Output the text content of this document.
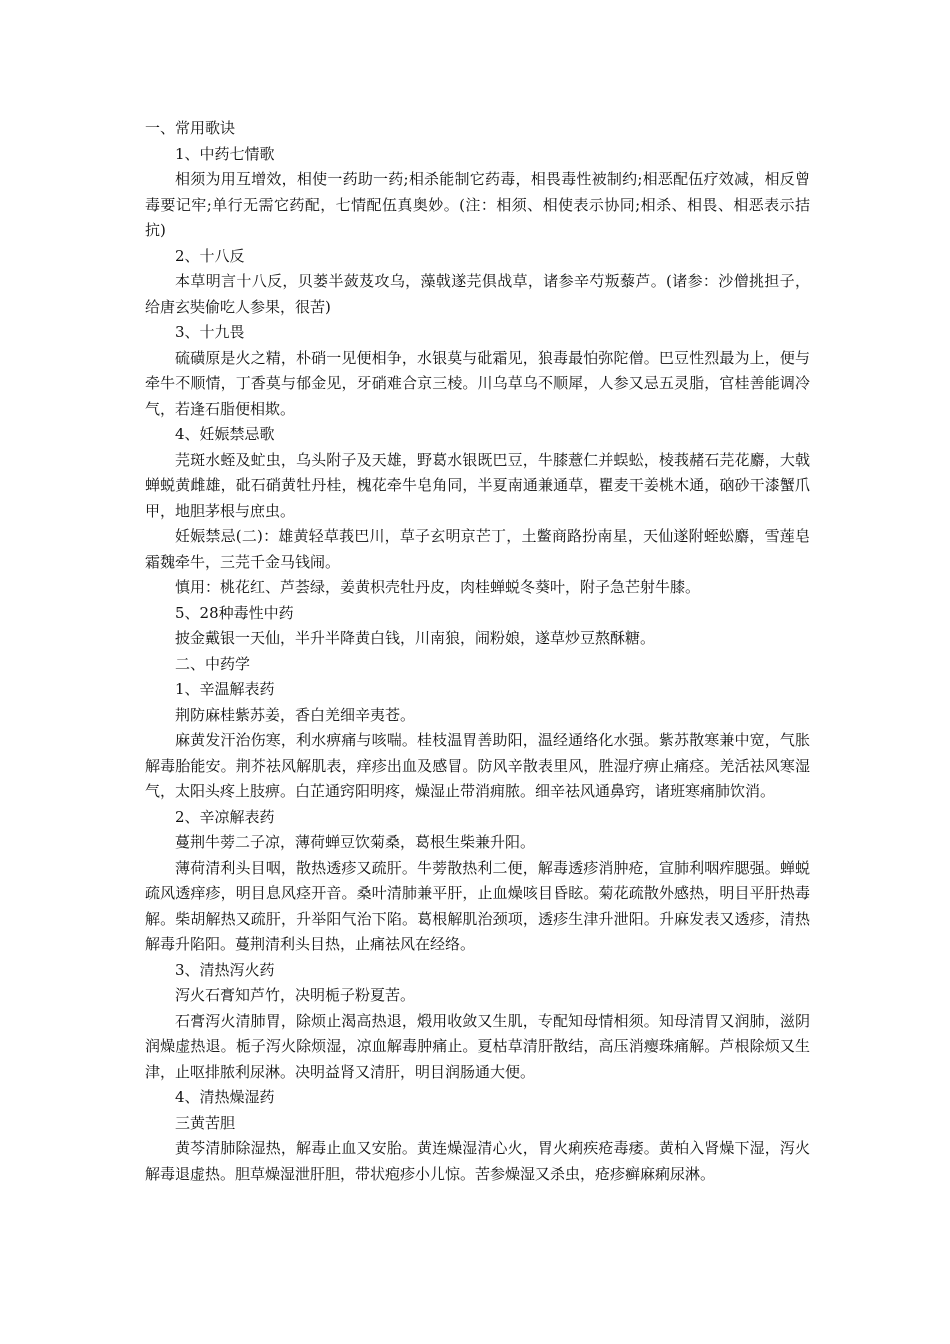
一、常用歌诀

1、中药七情歌

相须为用互增效，相使一药助一药;相杀能制它药毒，相畏毒性被制约;相恶配伍疗效减，相反曾毒要记牢;单行无需它药配，七情配伍真奥妙。(注：相须、相使表示协同;相杀、相畏、相恶表示拮抗)

2、十八反

本草明言十八反，贝蒌半蔹芨攻乌，藻戟遂芫俱战草，诸参辛芍叛藜芦。(诸参：沙僧挑担子，给唐玄奘偷吃人参果，很苦)

3、十九畏

硫磺原是火之精，朴硝一见便相争，水银莫与砒霜见，狼毒最怕弥陀僧。巴豆性烈最为上，便与牵牛不顺情，丁香莫与郁金见，牙硝难合京三棱。川乌草乌不顺犀，人参又忌五灵脂，官桂善能调冷气，若逢石脂便相欺。

4、妊娠禁忌歌

芫斑水蛭及虻虫，乌头附子及天雄，野葛水银既巴豆，牛膝薏仁并蜈蚣，棱莪赭石芫花麝，大戟蝉蜕黄雌雄，砒石硝黄牡丹桂，槐花牵牛皂角同，半夏南通兼通草，瞿麦干姜桃木通，硇砂干漆蟹爪甲，地胆茅根与庶虫。

妊娠禁忌(二)：雄黄轻草莪巴川，草子玄明京芒丁，土鳖商路扮南星，天仙遂附蛭蚣麝，雪莲皂霜魏牵牛，三芫千金马钱闹。

慎用：桃花红、芦荟绿，姜黄枳壳牡丹皮，肉桂蝉蜕冬葵叶，附子急芒射牛膝。

5、28种毒性中药

披金戴银一天仙，半升半降黄白钱，川南狼，闹粉娘，遂草炒豆熬酥糖。

二、中药学

1、辛温解表药

荆防麻桂紫苏姜，香白羌细辛夷苍。

麻黄发汗治伤寒，利水痹痛与咳喘。桂枝温胃善助阳，温经通络化水强。紫苏散寒兼中宽，气胀解毒胎能安。荆芥祛风解肌表，痒疹出血及感冒。防风辛散表里风，胜湿疗痹止痛痉。羌活祛风寒湿气，太阳头疼上肢痹。白芷通窍阳明疼，燥湿止带消痈脓。细辛祛风通鼻窍，诸班寒痛肺饮消。

2、辛凉解表药

蔓荆牛蒡二子凉，薄荷蝉豆饮菊桑，葛根生柴兼升阳。

薄荷清利头目咽，散热透疹又疏肝。牛蒡散热利二便，解毒透疹消肿疮，宣肺利咽痄腮强。蝉蜕疏风透痒疹，明目息风痉开音。桑叶清肺兼平肝，止血燥咳目昏眩。菊花疏散外感热，明目平肝热毒解。柴胡解热又疏肝，升举阳气治下陷。葛根解肌治颈项，透疹生津升泄阳。升麻发表又透疹，清热解毒升陷阳。蔓荆清利头目热，止痛祛风在经络。

3、清热泻火药

泻火石膏知芦竹，决明栀子粉夏苦。

石膏泻火清肺胃，除烦止渴高热退，煅用收敛又生肌，专配知母情相须。知母清胃又润肺，滋阴润燥虚热退。栀子泻火除烦湿，凉血解毒肿痛止。夏枯草清肝散结，高压消瘿珠痛解。芦根除烦又生津，止呕排脓利尿淋。决明益肾又清肝，明目润肠通大便。

4、清热燥湿药

三黄苦胆

黄芩清肺除湿热，解毒止血又安胎。黄连燥湿清心火，胃火痢疾疮毒痿。黄柏入肾燥下湿，泻火解毒退虚热。胆草燥湿泄肝胆，带状疱疹小儿惊。苦参燥湿又杀虫，疮疹癣麻痢尿淋。
